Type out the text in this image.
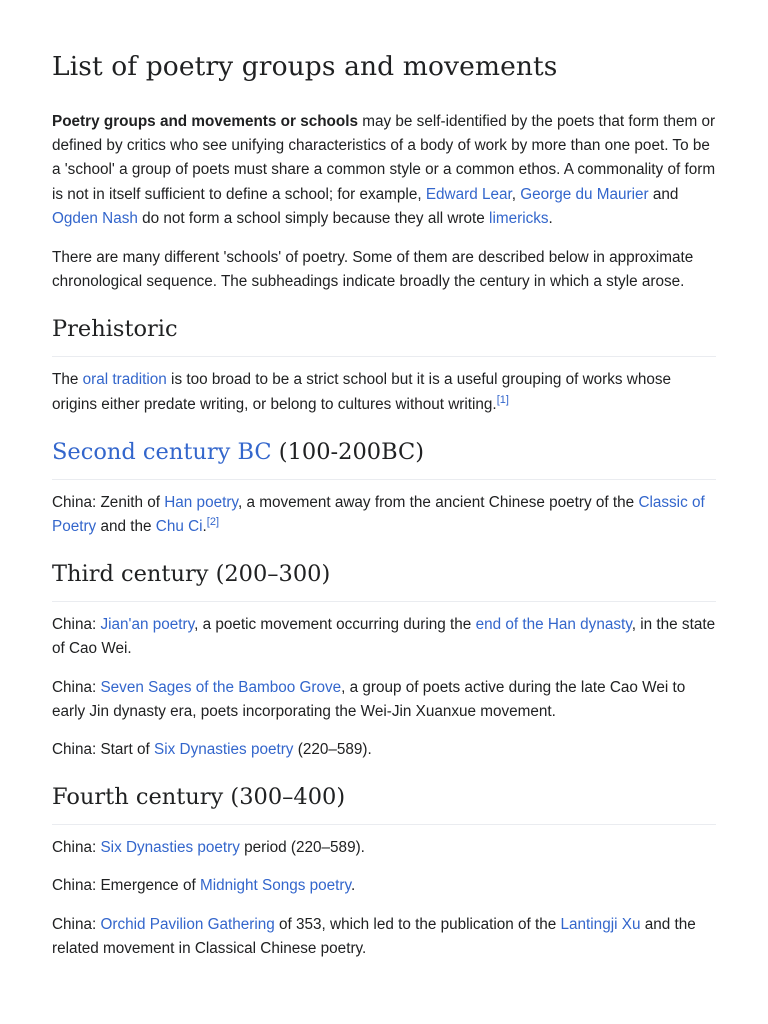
List of poetry groups and movements

Poetry groups and movements or schools may be self-identified by the poets that form them or defined by critics who see unifying characteristics of a body of work by more than one poet. To be a 'school' a group of poets must share a common style or a common ethos. A commonality of form is not in itself sufficient to define a school; for example, Edward Lear, George du Maurier and Ogden Nash do not form a school simply because they all wrote limericks.

There are many different 'schools' of poetry. Some of them are described below in approximate chronological sequence. The subheadings indicate broadly the century in which a style arose.

Prehistoric

The oral tradition is too broad to be a strict school but it is a useful grouping of works whose origins either predate writing, or belong to cultures without writing.[1]

Second century BC (100-200BC)

China: Zenith of Han poetry, a movement away from the ancient Chinese poetry of the Classic of Poetry and the Chu Ci.[2]

Third century (200–300)

China: Jian'an poetry, a poetic movement occurring during the end of the Han dynasty, in the state of Cao Wei.

China: Seven Sages of the Bamboo Grove, a group of poets active during the late Cao Wei to early Jin dynasty era, poets incorporating the Wei-Jin Xuanxue movement.

China: Start of Six Dynasties poetry (220–589).

Fourth century (300–400)

China: Six Dynasties poetry period (220–589).

China: Emergence of Midnight Songs poetry.

China: Orchid Pavilion Gathering of 353, which led to the publication of the Lantingji Xu and the related movement in Classical Chinese poetry.
